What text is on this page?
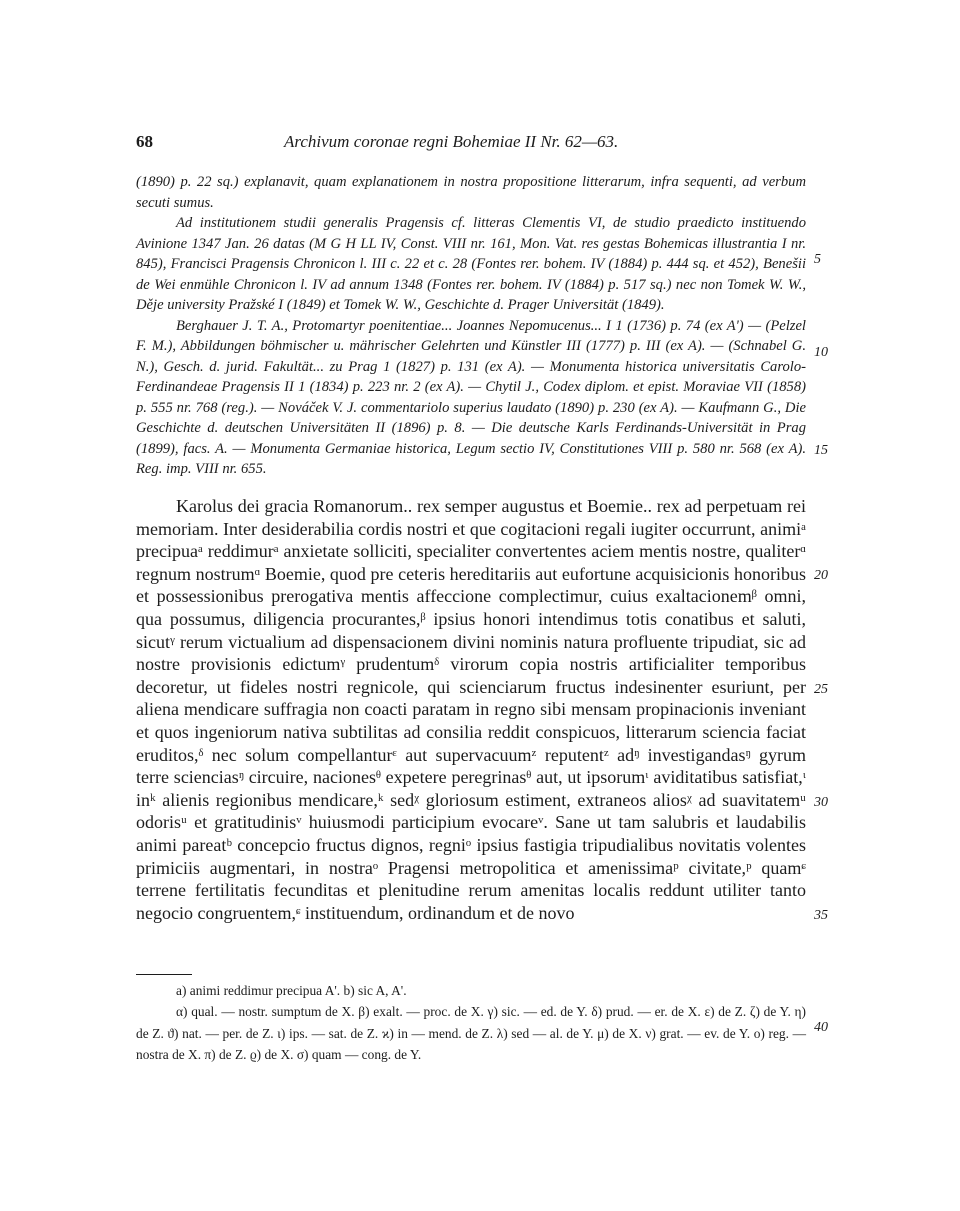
68	Archivum coronae regni Bohemiae II Nr. 62—63.

(1890) p. 22 sq.) explanavit, quam explanationem in nostra propositione litterarum, infra sequenti, ad verbum secuti sumus.

Ad institutionem studii generalis Pragensis cf. litteras Clementis VI, de studio praedicto instituendo Avinione 1347 Jan. 26 datas (M G H LL IV, Const. VIII nr. 161, Mon. Vat. res gestas Bohemicas illustrantia I nr. 845), Francisci Pragensis Chronicon l. III c. 22 et c. 28 (Fontes rer. bohem. IV (1884) p. 444 sq. et 452), Benešii de Wei enmühle Chronicon l. IV ad annum 1348 (Fontes rer. bohem. IV (1884) p. 517 sq.) nec non Tomek W. W., Děje university Pražské I (1849) et Tomek W. W., Geschichte d. Prager Universität (1849).

Berghauer J. T. A., Protomartyr poenitentiae... Joannes Nepomucenus... I 1 (1736) p. 74 (ex A') — (Pelzel F. M.), Abbildungen böhmischer u. mährischer Gelehrten und Künstler III (1777) p. III (ex A). — (Schnabel G. N.), Gesch. d. jurid. Fakultät... zu Prag 1 (1827) p. 131 (ex A). — Monumenta historica universitatis Carolo-Ferdinandeae Pragensis II 1 (1834) p. 223 nr. 2 (ex A). — Chytil J., Codex diplom. et epist. Moraviae VII (1858) p. 555 nr. 768 (reg.). — Nováček V. J. commentariolo superius laudato (1890) p. 230 (ex A). — Kaufmann G., Die Geschichte d. deutschen Universitäten II (1896) p. 8. — Die deutsche Karls Ferdinands-Universität in Prag (1899), facs. A. — Monumenta Germaniae historica, Legum sectio IV, Constitutiones VIII p. 580 nr. 568 (ex A). Reg. imp. VIII nr. 655.

Karolus dei gracia Romanorum.. rex semper augustus et Boemie.. rex ad perpetuam rei memoriam. Inter desiderabilia cordis nostri et que cogitacioni regali iugiter occurrunt, animiᵃ precipuaᵃ reddimurᵃ anxietate solliciti, specialiter convertentes aciem mentis nostre, qualiterᵅ regnum nostrumᵅ Boemie, quod pre ceteris hereditariis aut eufortune acquisicionis honoribus et possessionibus prerogativa mentis affeccione complectimur, cuius exaltacionemᵝ omni, qua possumus, diligencia procurantes,ᵝ ipsius honori intendimus totis conatibus et saluti, sicutᵞ rerum victualium ad dispensacionem divini nominis natura profluente tripudiat, sic ad nostre provisionis edictumᵞ prudentumᵟ virorum copia nostris artificialiter temporibus decoretur, ut fideles nostri regnicole, qui scienciarum fructus indesinenter esuriunt, per aliena mendicare suffragia non coacti paratam in regno sibi mensam propinacionis inveniant et quos ingeniorum nativa subtilitas ad consilia reddit conspicuos, litterarum sciencia faciat eruditos,ᵟ nec solum compellanturᵋ aut supervacuumᶻ reputentᶻ adᵑ investigandasᵑ gyrum terre scienciasᵑ circuire, nacionesᶿ expetere peregrinasᶿ aut, ut ipsorumᶥ aviditatibus satisfiat,ᶥ inᵏ alienis regionibus mendicare,ᵏ sedᵡ gloriosum estiment, extraneos aliosᵡ ad suavitatemᵘ odorisᵘ et gratitudinisᵛ huiusmodi participium evocareᵛ. Sane ut tam salubris et laudabilis animi pareatᵇ concepcio fructus dignos, regniᵒ ipsius fastigia tripudialibus novitatis volentes primiciis augmentari, in nostraᵒ Pragensi metropolitica et amenissimaᵖ civitate,ᵖ quamᶝ terrene fertilitatis fecunditas et plenitudine rerum amenitas localis reddunt utiliter tanto negocio congruentem,ᶝ instituendum, ordinandum et de novo

a) animi reddimur precipua A'. b) sic A, A'.

α) qual. — nostr. sumptum de X. β) exalt. — proc. de X. γ) sic. — ed. de Y. δ) prud. — er. de X. ε) de Z. ζ) de Y. η) de Z. ϑ) nat. — per. de Z. ι) ips. — sat. de Z. ϰ) in — mend. de Z. λ) sed — al. de Y. μ) de X. ν) grat. — ev. de Y. ο) reg. — nostra de X. π) de Z. ϱ) de X. σ) quam — cong. de Y.

5
10
15
20
25
30
35
40
